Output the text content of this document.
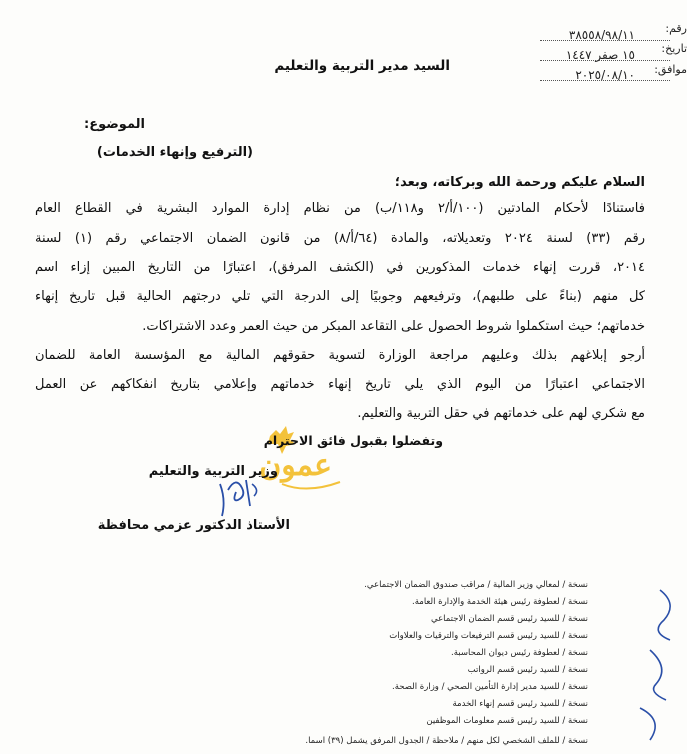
رقم:
٣٨٥٥٨/٩٨/١١
تاريخ:
١٥ صفر ١٤٤٧
موافق:
٢٠٢٥/٠٨/١٠
السيد مدير التربية والتعليم
الموضوع:
(الترفيع وإنهاء الخدمات)
السلام عليكم ورحمة الله وبركاته، وبعد؛
فاستنادًا لأحكام المادتين (١٠٠/أ/٢ و١١٨/ب) من نظام إدارة الموارد البشرية في القطاع العام
رقم (٣٣) لسنة ٢٠٢٤ وتعديلاته، والمادة (٦٤/أ/٨) من قانون الضمان الاجتماعي رقم (١) لسنة
٢٠١٤، قررت إنهاء خدمات المذكورين في (الكشف المرفق)، اعتبارًا من التاريخ المبين إزاء اسم
كل منهم (بناءً على طلبهم)، وترفيعهم وجوبيًا إلى الدرجة التي تلي درجتهم الحالية قبل تاريخ إنهاء
خدماتهم؛ حيث استكملوا شروط الحصول على التقاعد المبكر من حيث العمر وعدد الاشتراكات.
أرجو إبلاغهم بذلك وعليهم مراجعة الوزارة لتسوية حقوقهم المالية مع المؤسسة العامة للضمان
الاجتماعي اعتبارًا من اليوم الذي يلي تاريخ إنهاء خدماتهم وإعلامي بتاريخ انفكاكهم عن العمل
مع شكري لهم على خدماتهم في حقل التربية والتعليم.
عمون
وتفضلوا بقبول فائق الاحترام
وزير التربية والتعليم
الأستاذ الدكتور عزمي محافظة
نسخة / لمعالي وزير المالية / مراقب صندوق الضمان الاجتماعي.
نسخة / لعطوفة رئيس هيئة الخدمة والإدارة العامة.
نسخة / للسيد رئيس قسم الضمان الاجتماعي
نسخة / للسيد رئيس قسم الترفيعات والترقيات والعلاوات
نسخة / لعطوفة رئيس ديوان المحاسبة.
نسخة / للسيد رئيس قسم الرواتب
نسخة / للسيد مدير إدارة التأمين الصحي / وزارة الصحة.
نسخة / للسيد رئيس قسم إنهاء الخدمة
نسخة / للسيد رئيس قسم معلومات الموظفين
نسخة / للملف الشخصي لكل منهم / ملاحظة / الجدول المرفق يشمل (٣٩) اسما.
